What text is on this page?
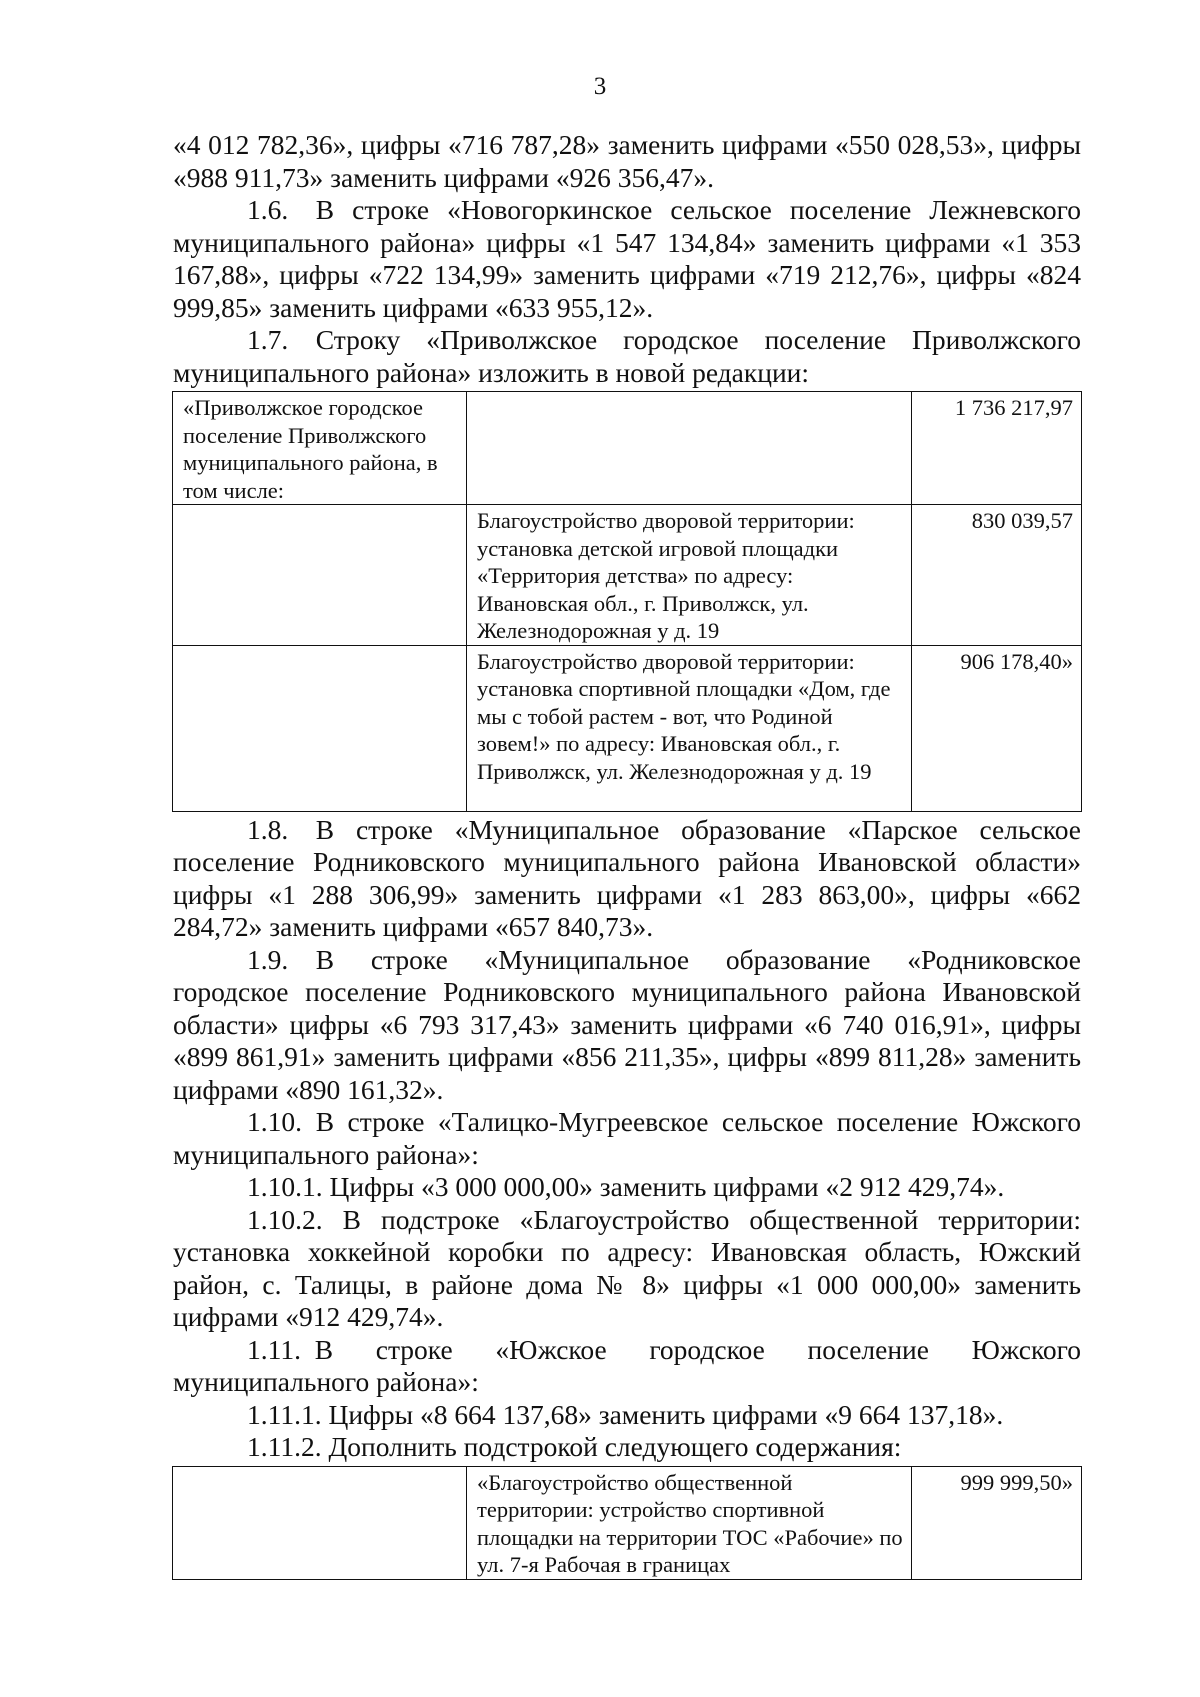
3

«4 012 782,36», цифры «716 787,28» заменить цифрами «550 028,53», цифры «988 911,73» заменить цифрами «926 356,47».

1.6. В строке «Новогоркинское сельское поселение Лежневского муниципального района» цифры «1 547 134,84» заменить цифрами «1 353 167,88», цифры «722 134,99» заменить цифрами «719 212,76», цифры «824 999,85» заменить цифрами «633 955,12».

1.7. Строку «Приволжское городское поселение Приволжского муниципального района» изложить в новой редакции:

«Приволжское городское поселение Приволжского муниципального района, в том числе:		1 736 217,97
	Благоустройство дворовой территории: установка детской игровой площадки «Территория детства» по адресу: Ивановская обл., г. Приволжск, ул. Железнодорожная у д. 19	830 039,57
	Благоустройство дворовой территории: установка спортивной площадки «Дом, где мы с тобой растем - вот, что Родиной зовем!» по адресу: Ивановская обл., г. Приволжск, ул. Железнодорожная у д. 19	906 178,40»

1.8. В строке «Муниципальное образование «Парское сельское поселение Родниковского муниципального района Ивановской области» цифры «1 288 306,99» заменить цифрами «1 283 863,00», цифры «662 284,72» заменить цифрами «657 840,73».

1.9. В строке «Муниципальное образование «Родниковское городское поселение Родниковского муниципального района Ивановской области» цифры «6 793 317,43» заменить цифрами «6 740 016,91», цифры «899 861,91» заменить цифрами «856 211,35», цифры «899 811,28» заменить цифрами «890 161,32».

1.10. В строке «Талицко-Мугреевское сельское поселение Южского муниципального района»:

1.10.1. Цифры «3 000 000,00» заменить цифрами «2 912 429,74».

1.10.2. В подстроке «Благоустройство общественной территории: установка хоккейной коробки по адресу: Ивановская область, Южский район, с. Талицы, в районе дома № 8» цифры «1 000 000,00» заменить цифрами «912 429,74».

1.11. В строке «Южское городское поселение Южского муниципального района»:

1.11.1. Цифры «8 664 137,68» заменить цифрами «9 664 137,18».

1.11.2. Дополнить подстрокой следующего содержания:

	«Благоустройство общественной территории: устройство спортивной площадки на территории ТОС «Рабочие» по ул. 7-я Рабочая в границах	999 999,50»
